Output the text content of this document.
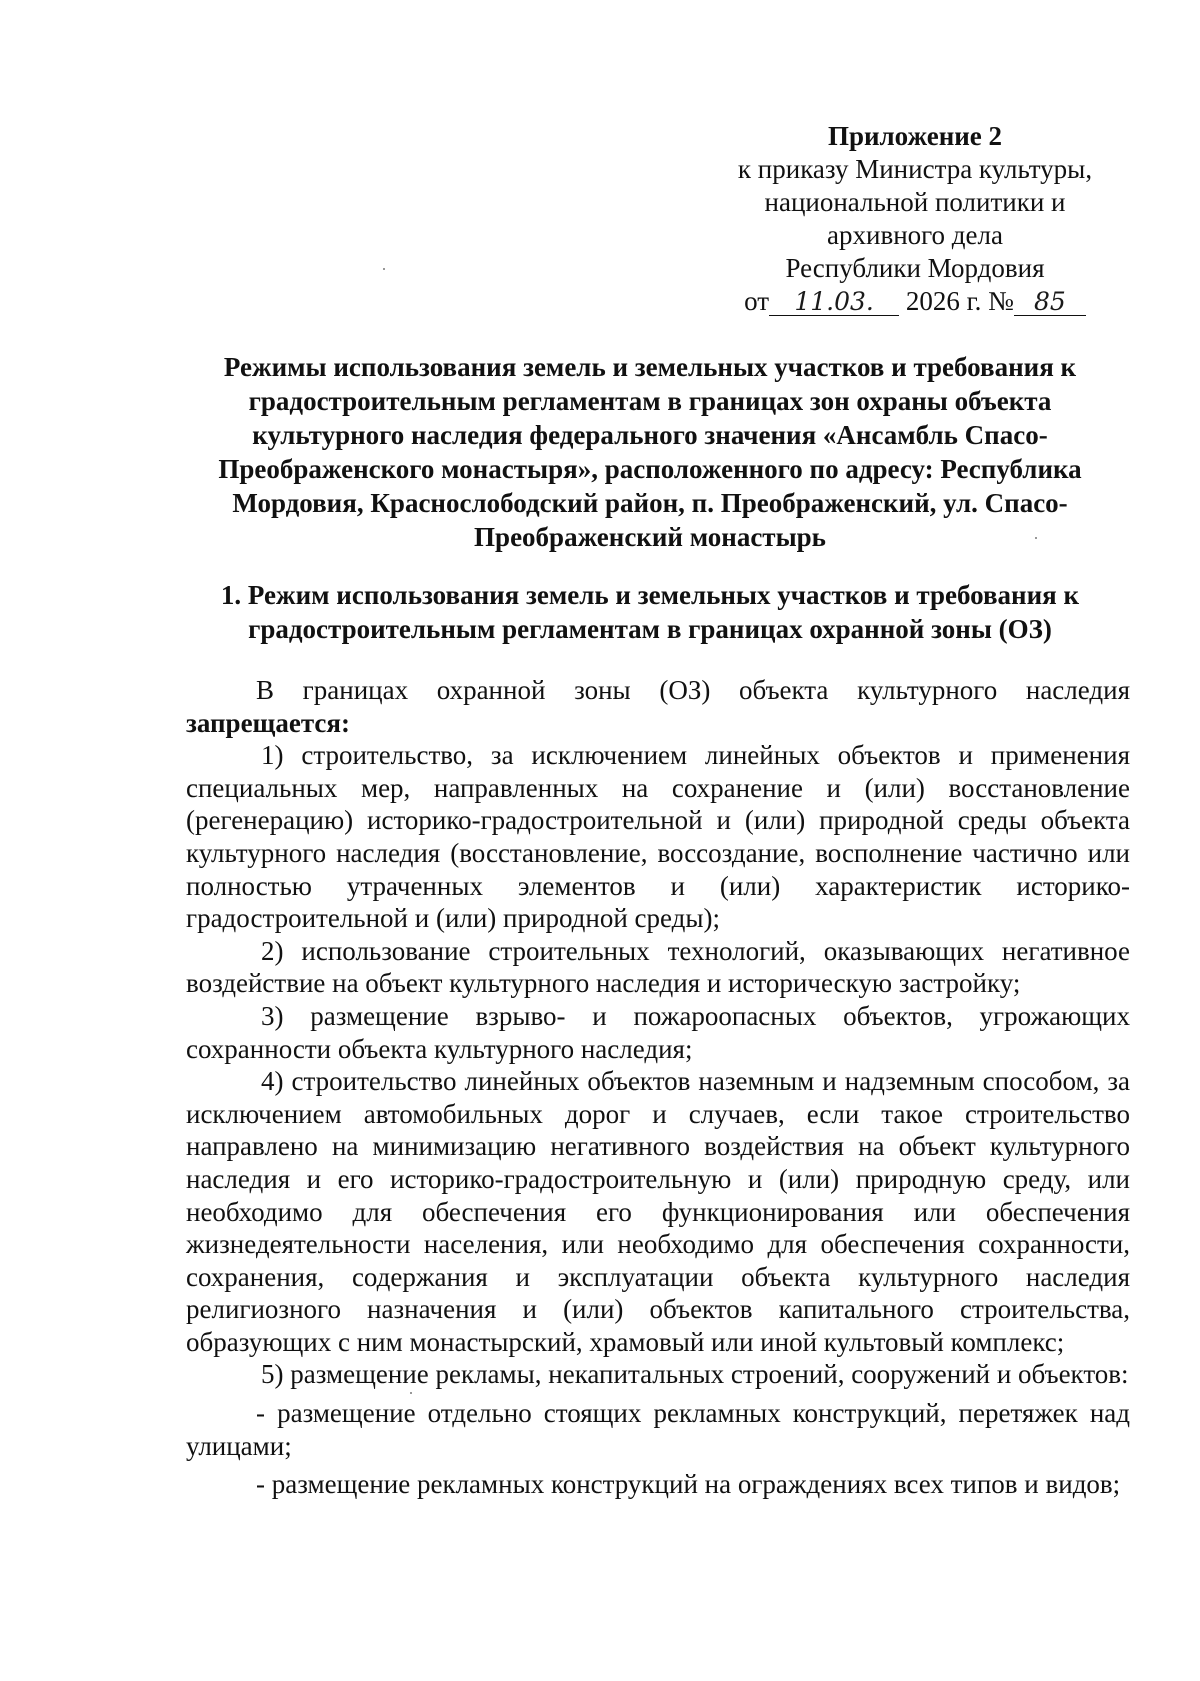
Приложение 2
к приказу Министра культуры,
национальной политики и
архивного дела
Республики Мордовия
от 11.03. 2026 г. № 85
Режимы использования земель и земельных участков и требования к градостроительным регламентам в границах зон охраны объекта культурного наследия федерального значения «Ансамбль Спасо-Преображенского монастыря», расположенного по адресу: Республика Мордовия, Краснослободский район, п. Преображенский, ул. Спасо-Преображенский монастырь
1. Режим использования земель и земельных участков и требования к градостроительным регламентам в границах охранной зоны (ОЗ)

В границах охранной зоны (ОЗ) объекта культурного наследия запрещается:

1) строительство, за исключением линейных объектов и применения специальных мер, направленных на сохранение и (или) восстановление (регенерацию) историко-градостроительной и (или) природной среды объекта культурного наследия (восстановление, воссоздание, восполнение частично или полностью утраченных элементов и (или) характеристик историко-градостроительной и (или) природной среды);

2) использование строительных технологий, оказывающих негативное воздействие на объект культурного наследия и историческую застройку;

3) размещение взрыво- и пожароопасных объектов, угрожающих сохранности объекта культурного наследия;

4) строительство линейных объектов наземным и надземным способом, за исключением автомобильных дорог и случаев, если такое строительство направлено на минимизацию негативного воздействия на объект культурного наследия и его историко-градостроительную и (или) природную среду, или необходимо для обеспечения его функционирования или обеспечения жизнедеятельности населения, или необходимо для обеспечения сохранности, сохранения, содержания и эксплуатации объекта культурного наследия религиозного назначения и (или) объектов капитального строительства, образующих с ним монастырский, храмовый или иной культовый комплекс;

5) размещение рекламы, некапитальных строений, сооружений и объектов:

- размещение отдельно стоящих рекламных конструкций, перетяжек над улицами;

- размещение рекламных конструкций на ограждениях всех типов и видов;
